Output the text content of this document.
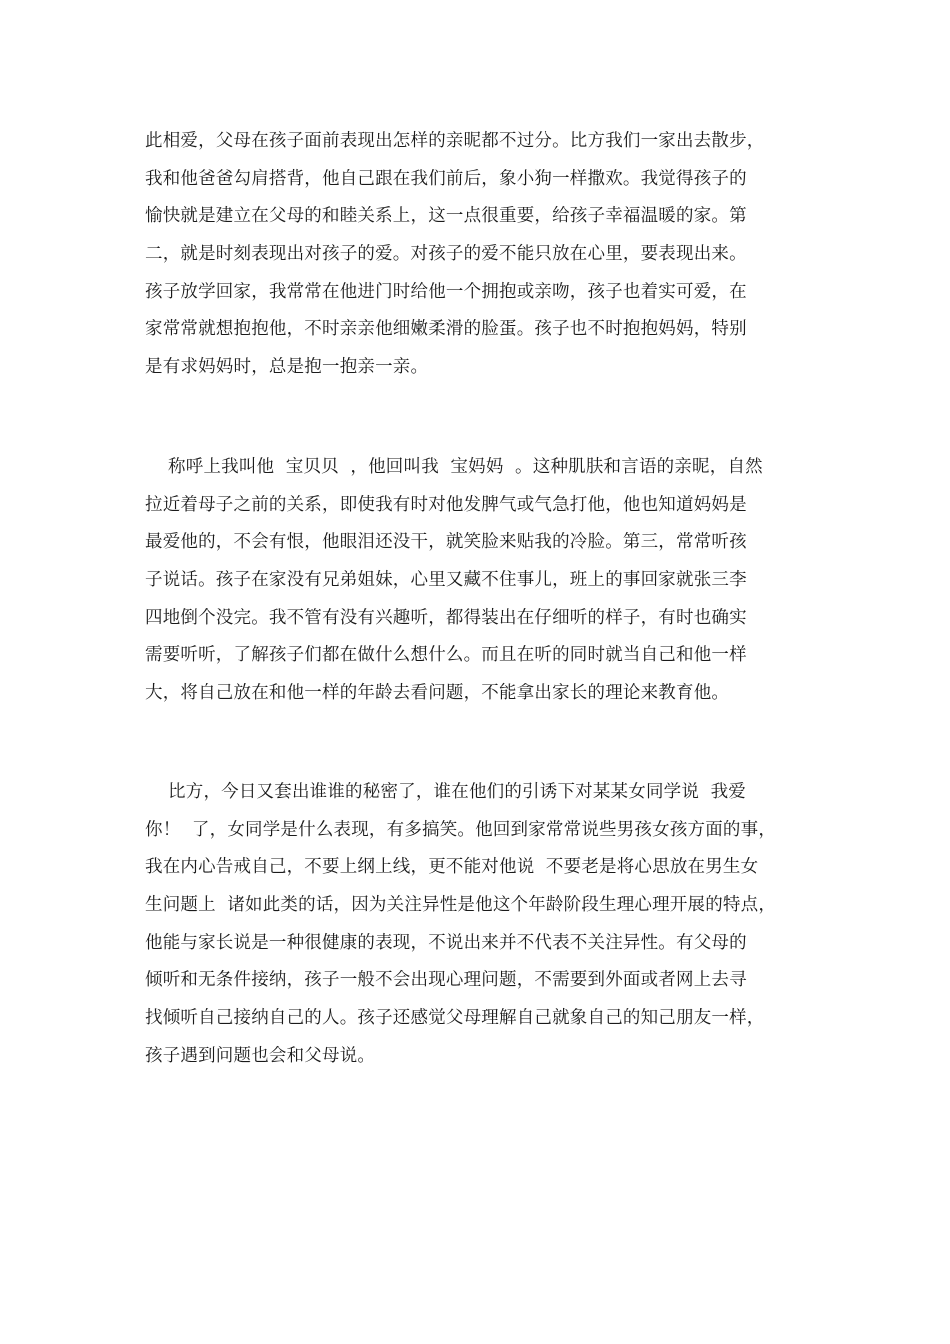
此相爱，父母在孩子面前表现出怎样的亲昵都不过分。比方我们一家出去散步，
我和他爸爸勾肩搭背，他自己跟在我们前后，象小狗一样撒欢。我觉得孩子的
愉快就是建立在父母的和睦关系上，这一点很重要，给孩子幸福温暖的家。第
二，就是时刻表现出对孩子的爱。对孩子的爱不能只放在心里，要表现出来。
孩子放学回家，我常常在他进门时给他一个拥抱或亲吻，孩子也着实可爱，在
家常常就想抱抱他，不时亲亲他细嫩柔滑的脸蛋。孩子也不时抱抱妈妈，特别
是有求妈妈时，总是抱一抱亲一亲。

称呼上我叫他  宝贝贝  ，他回叫我  宝妈妈  。这种肌肤和言语的亲昵，自然
拉近着母子之前的关系，即使我有时对他发脾气或气急打他，他也知道妈妈是
最爱他的，不会有恨，他眼泪还没干，就笑脸来贴我的冷脸。第三，常常听孩
子说话。孩子在家没有兄弟姐妹，心里又藏不住事儿，班上的事回家就张三李
四地倒个没完。我不管有没有兴趣听，都得装出在仔细听的样子，有时也确实
需要听听，了解孩子们都在做什么想什么。而且在听的同时就当自己和他一样
大，将自己放在和他一样的年龄去看问题，不能拿出家长的理论来教育他。

比方，今日又套出谁谁的秘密了，谁在他们的引诱下对某某女同学说  我爱
你！  了，女同学是什么表现，有多搞笑。他回到家常常说些男孩女孩方面的事，
我在内心告戒自己，不要上纲上线，更不能对他说  不要老是将心思放在男生女
生问题上  诸如此类的话，因为关注异性是他这个年龄阶段生理心理开展的特点，
他能与家长说是一种很健康的表现，不说出来并不代表不关注异性。有父母的
倾听和无条件接纳，孩子一般不会出现心理问题，不需要到外面或者网上去寻
找倾听自己接纳自己的人。孩子还感觉父母理解自己就象自己的知己朋友一样，
孩子遇到问题也会和父母说。
